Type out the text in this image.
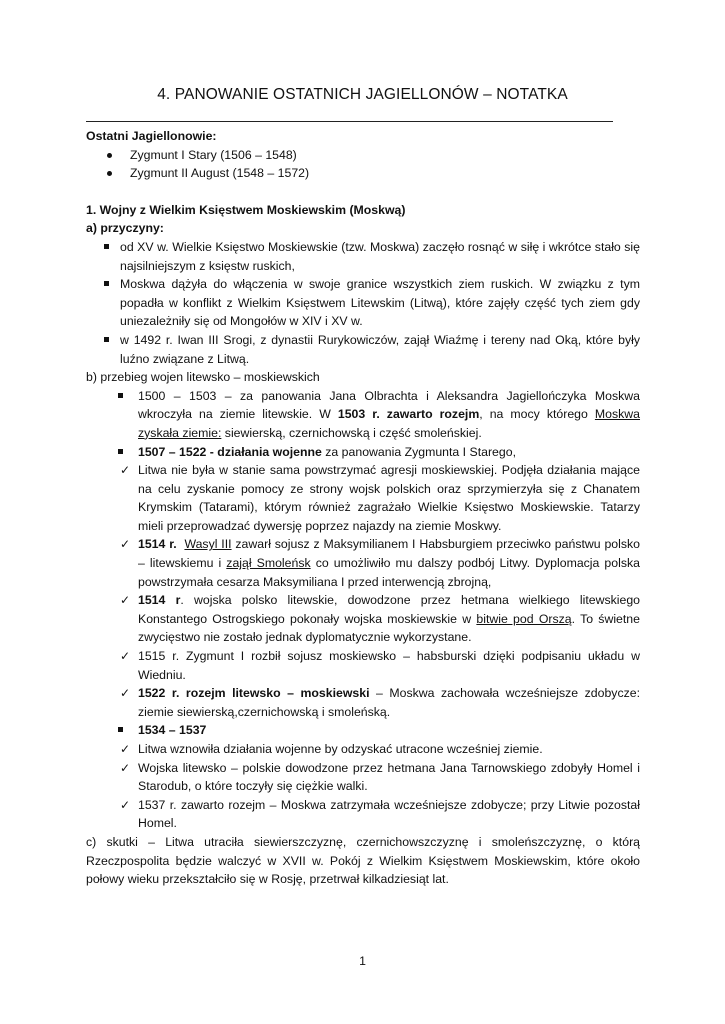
4. PANOWANIE OSTATNICH JAGIELLONÓW – NOTATKA

Ostatni Jagiellonowie:

Zygmunt I Stary (1506 – 1548)
Zygmunt II August (1548 – 1572)

1. Wojny z Wielkim Księstwem Moskiewskim (Moskwą)

a) przyczyny:

od XV w. Wielkie Księstwo Moskiewskie (tzw. Moskwa) zaczęło rosnąć w siłę i wkrótce stało się najsilniejszym z księstw ruskich,
Moskwa dążyła do włączenia w swoje granice wszystkich ziem ruskich. W związku z tym popadła w konflikt z Wielkim Księstwem Litewskim (Litwą), które zajęły część tych ziem gdy uniezależniły się od Mongołów w XIV i XV w.
w 1492 r. Iwan III Srogi, z dynastii Rurykowiczów, zajął Wiaźmę i tereny nad Oką, które były luźno związane z Litwą.

b) przebieg wojen litewsko – moskiewskich

1500 – 1503 – za panowania Jana Olbrachta i Aleksandra Jagiellończyka Moskwa wkroczyła na ziemie litewskie. W 1503 r. zawarto rozejm, na mocy którego Moskwa zyskała ziemie: siewierską, czernichowską i część smoleńskiej.
1507 – 1522 - działania wojenne za panowania Zygmunta I Starego,
✓ Litwa nie była w stanie sama powstrzymać agresji moskiewskiej. Podjęła działania mające na celu zyskanie pomocy ze strony wojsk polskich oraz sprzymierzyła się z Chanatem Krymskim (Tatarami), którym również zagrażało Wielkie Księstwo Moskiewskie. Tatarzy mieli przeprowadzać dywersję poprzez najazdy na ziemie Moskwy.
✓ 1514 r. Wasyl III zawarł sojusz z Maksymilianem I Habsburgiem przeciwko państwu polsko – litewskiemu i zajął Smoleńsk co umożliwiło mu dalszy podbój Litwy. Dyplomacja polska powstrzymała cesarza Maksymiliana I przed interwencją zbrojną,
✓ 1514 r. wojska polsko litewskie, dowodzone przez hetmana wielkiego litewskiego Konstantego Ostrogskiego pokonały wojska moskiewskie w bitwie pod Orszą. To świetne zwycięstwo nie zostało jednak dyplomatycznie wykorzystane.
✓ 1515 r. Zygmunt I rozbił sojusz moskiewsko – habsburski dzięki podpisaniu układu w Wiedniu.
✓ 1522 r. rozejm litewsko – moskiewski – Moskwa zachowała wcześniejsze zdobycze: ziemie siewierską,czernichowską i smoleńską.
1534 – 1537
✓ Litwa wznowiła działania wojenne by odzyskać utracone wcześniej ziemie.
✓ Wojska litewsko – polskie dowodzone przez hetmana Jana Tarnowskiego zdobyły Homel i Starodub, o które toczyły się ciężkie walki.
✓ 1537 r. zawarto rozejm – Moskwa zatrzymała wcześniejsze zdobycze; przy Litwie pozostał Homel.

c) skutki – Litwa utraciła siewierszczyznę, czernichowszczyznę i smoleńszczyznę, o którą Rzeczpospolita będzie walczyć w XVII w. Pokój z Wielkim Księstwem Moskiewskim, które około połowy wieku przekształciło się w Rosję, przetrwał kilkadziesiąt lat.

1
